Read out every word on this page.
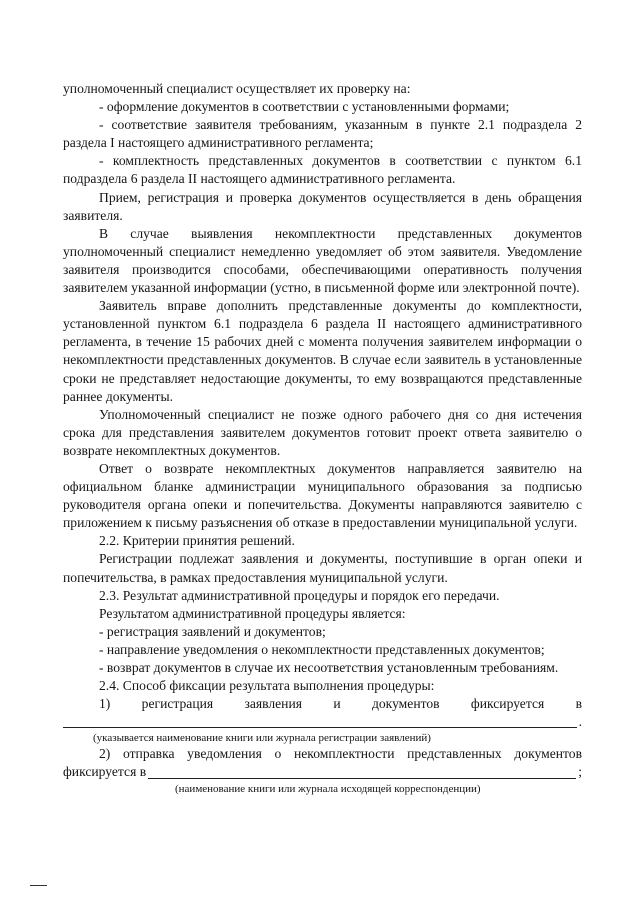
уполномоченный специалист осуществляет их проверку на:

- оформление документов в соответствии с установленными формами;

- соответствие заявителя требованиям, указанным в пункте 2.1 подраздела 2 раздела I настоящего административного регламента;

- комплектность представленных документов в соответствии с пунктом 6.1 подраздела 6 раздела II настоящего административного регламента.

Прием, регистрация и проверка документов осуществляется в день обращения заявителя.

В случае выявления некомплектности представленных документов уполномоченный специалист немедленно уведомляет об этом заявителя. Уведомление заявителя производится способами, обеспечивающими оперативность получения заявителем указанной информации (устно, в письменной форме или электронной почте).

Заявитель вправе дополнить представленные документы до комплектности, установленной пунктом 6.1 подраздела 6 раздела II настоящего административного регламента, в течение 15 рабочих дней с момента получения заявителем информации о некомплектности представленных документов. В случае если заявитель в установленные сроки не представляет недостающие документы, то ему возвращаются представленные раннее документы.

Уполномоченный специалист не позже одного рабочего дня со дня истечения срока для представления заявителем документов готовит проект ответа заявителю о возврате некомплектных документов.

Ответ о возврате некомплектных документов направляется заявителю на официальном бланке администрации муниципального образования за подписью руководителя органа опеки и попечительства. Документы направляются заявителю с приложением к письму разъяснения об отказе в предоставлении муниципальной услуги.

2.2. Критерии принятия решений.

Регистрации подлежат заявления и документы, поступившие в орган опеки и попечительства, в рамках предоставления муниципальной услуги.

2.3. Результат административной процедуры и порядок его передачи.

Результатом административной процедуры является:

- регистрация заявлений и документов;

- направление уведомления о некомплектности представленных документов;

- возврат документов в случае их несоответствия установленным требованиям.

2.4. Способ фиксации результата выполнения процедуры:

1) регистрация заявления и документов фиксируется в

.

(указывается наименование книги или журнала регистрации заявлений)

2) отправка уведомления о некомплектности представленных документов

фиксируется в	;

(наименование книги или журнала исходящей корреспонденции)
